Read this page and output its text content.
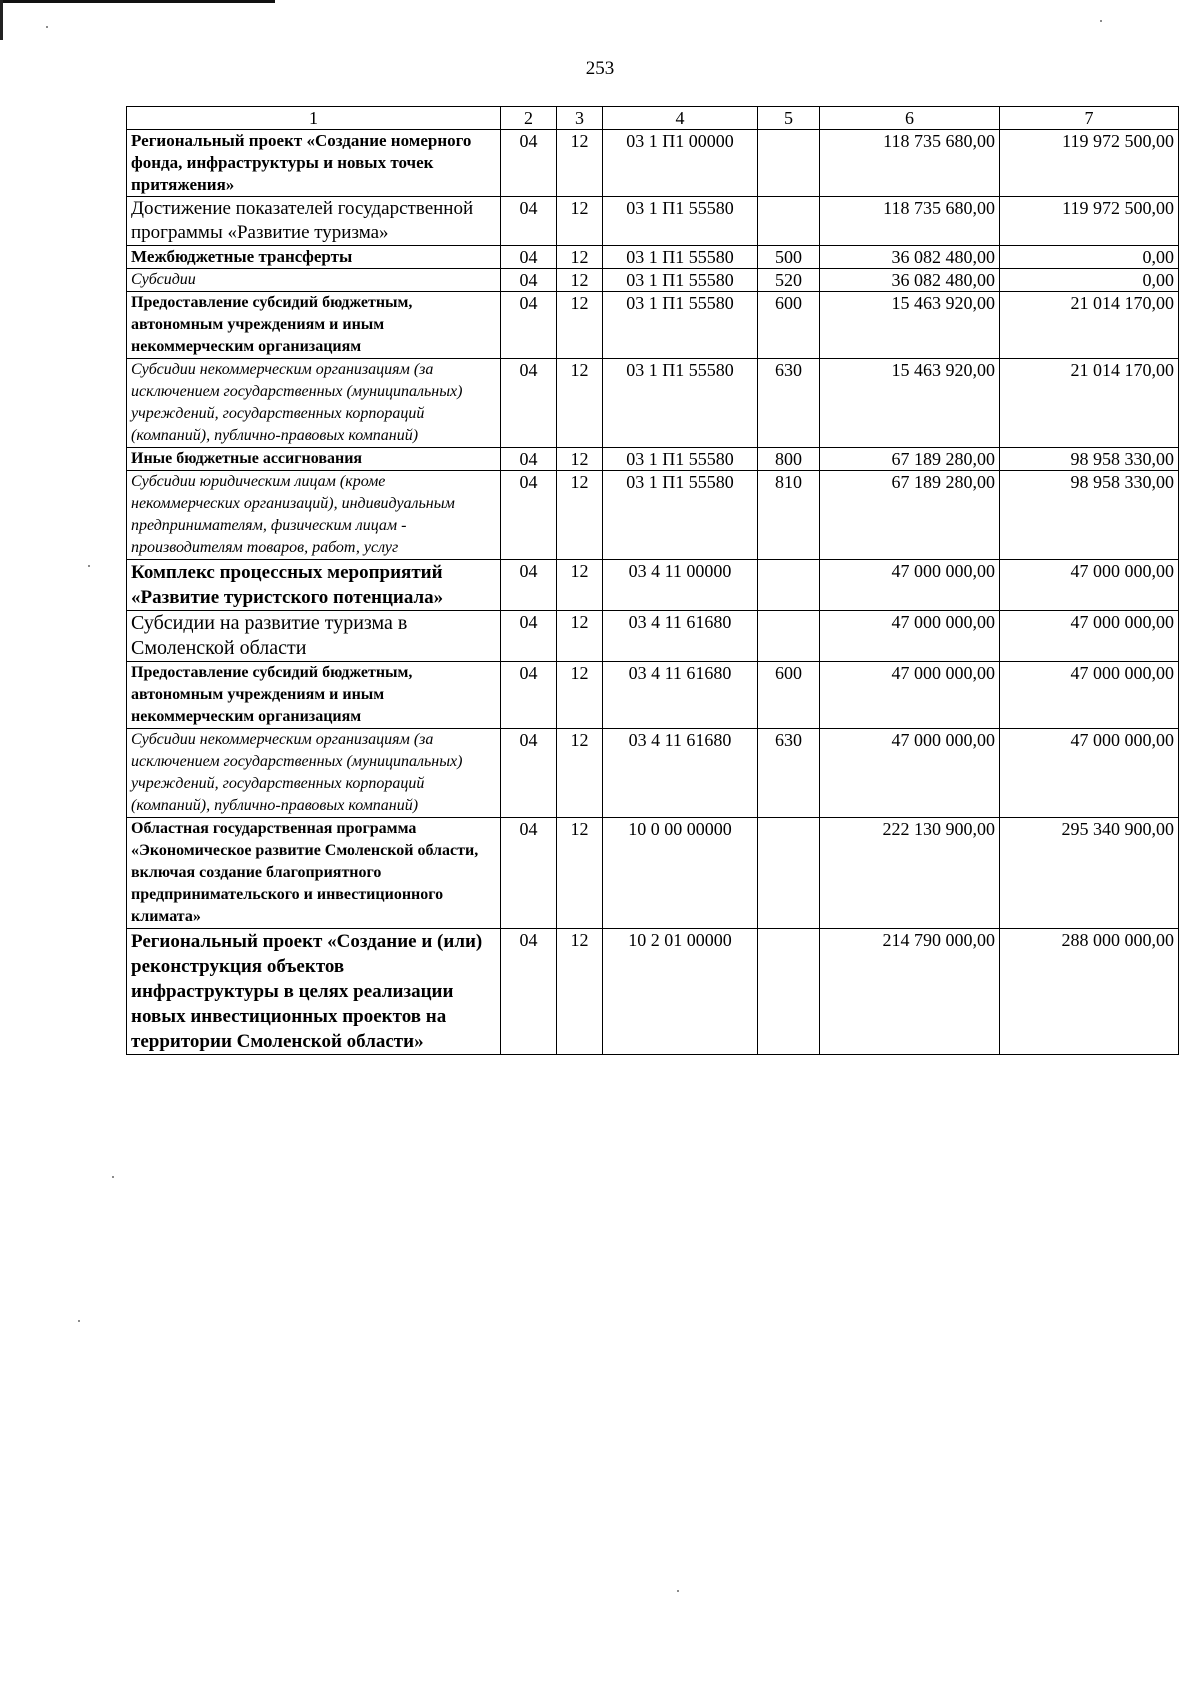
253
1	2	3	4	5	6	7
Региональный проект «Создание номерного фонда, инфраструктуры и новых точек притяжения»	04	12	03 1 П1 00000		118 735 680,00	119 972 500,00
Достижение показателей государственной программы «Развитие туризма»	04	12	03 1 П1 55580		118 735 680,00	119 972 500,00
Межбюджетные трансферты	04	12	03 1 П1 55580	500	36 082 480,00	0,00
Субсидии	04	12	03 1 П1 55580	520	36 082 480,00	0,00
Предоставление субсидий бюджетным, автономным учреждениям и иным некоммерческим организациям	04	12	03 1 П1 55580	600	15 463 920,00	21 014 170,00
Субсидии некоммерческим организациям (за исключением государственных (муниципальных) учреждений, государственных корпораций (компаний), публично-правовых компаний)	04	12	03 1 П1 55580	630	15 463 920,00	21 014 170,00
Иные бюджетные ассигнования	04	12	03 1 П1 55580	800	67 189 280,00	98 958 330,00
Субсидии юридическим лицам (кроме некоммерческих организаций), индивидуальным предпринимателям, физическим лицам - производителям товаров, работ, услуг	04	12	03 1 П1 55580	810	67 189 280,00	98 958 330,00
Комплекс процессных мероприятий «Развитие туристского потенциала»	04	12	03 4 11 00000		47 000 000,00	47 000 000,00
Субсидии на развитие туризма в Смоленской области	04	12	03 4 11 61680		47 000 000,00	47 000 000,00
Предоставление субсидий бюджетным, автономным учреждениям и иным некоммерческим организациям	04	12	03 4 11 61680	600	47 000 000,00	47 000 000,00
Субсидии некоммерческим организациям (за исключением государственных (муниципальных) учреждений, государственных корпораций (компаний), публично-правовых компаний)	04	12	03 4 11 61680	630	47 000 000,00	47 000 000,00
Областная государственная программа «Экономическое развитие Смоленской области, включая создание благоприятного предпринимательского и инвестиционного климата»	04	12	10 0 00 00000		222 130 900,00	295 340 900,00
Региональный проект «Создание и (или) реконструкция объектов инфраструктуры в целях реализации новых инвестиционных проектов на территории Смоленской области»	04	12	10 2 01 00000		214 790 000,00	288 000 000,00
